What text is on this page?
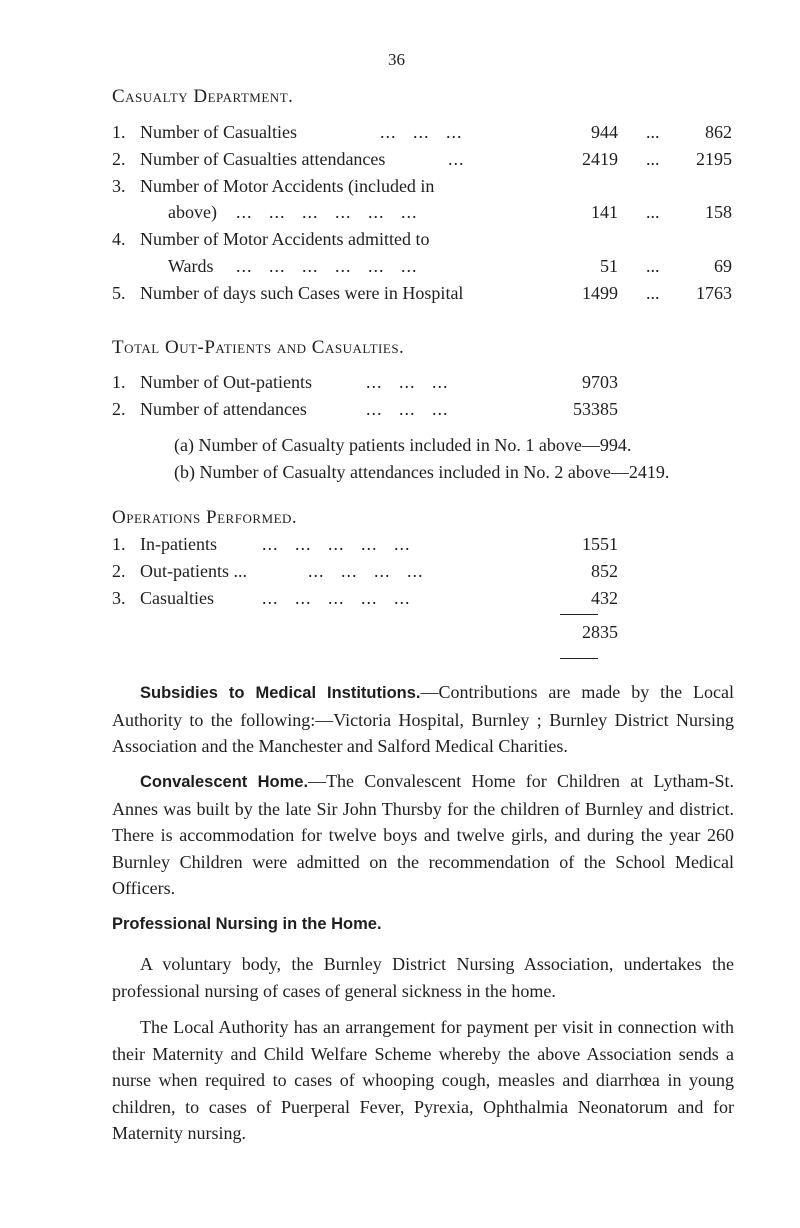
36
Casualty Department.
1. Number of Casualties	...   ...   ...	944 ...	862
2. Number of Casualties attendances	...	2419 ... 2195
3. Number of Motor Accidents (included in
above) ...   ...   ...   ...   ...   ...	141 ...	158
4. Number of Motor Accidents admitted to
Wards ...   ...   ...   ...   ...   ...	51 ...	69
5. Number of days such Cases were in Hospital	1499 ... 1763
Total Out-Patients and Casualties.
1. Number of Out-patients	...   ...   ...	9703
2. Number of attendances	...   ...   ...	53385
(a) Number of Casualty patients included in No. 1 above—994.
(b) Number of Casualty attendances included in No. 2 above—2419.
Operations Performed.
1. In-patients	...   ...   ...   ...   ...	1551
2. Out-patients ...	...   ...   ...   ...	852
3. Casualties	...   ...   ...   ...   ...	432
2835

Subsidies to Medical Institutions.—Contributions are made by the Local Authority to the following:—Victoria Hospital, Burnley ; Burnley District Nursing Association and the Manchester and Salford Medical Charities.

Convalescent Home.—The Convalescent Home for Children at Lytham-St. Annes was built by the late Sir John Thursby for the children of Burnley and district. There is accommodation for twelve boys and twelve girls, and during the year 260 Burnley Children were admitted on the recommendation of the School Medical Officers.

Professional Nursing in the Home.

A voluntary body, the Burnley District Nursing Association, undertakes the professional nursing of cases of general sickness in the home.

The Local Authority has an arrangement for payment per visit in connection with their Maternity and Child Welfare Scheme whereby the above Association sends a nurse when required to cases of whooping cough, measles and diarrhœa in young children, to cases of Puerperal Fever, Pyrexia, Ophthalmia Neonatorum and for Maternity nursing.
